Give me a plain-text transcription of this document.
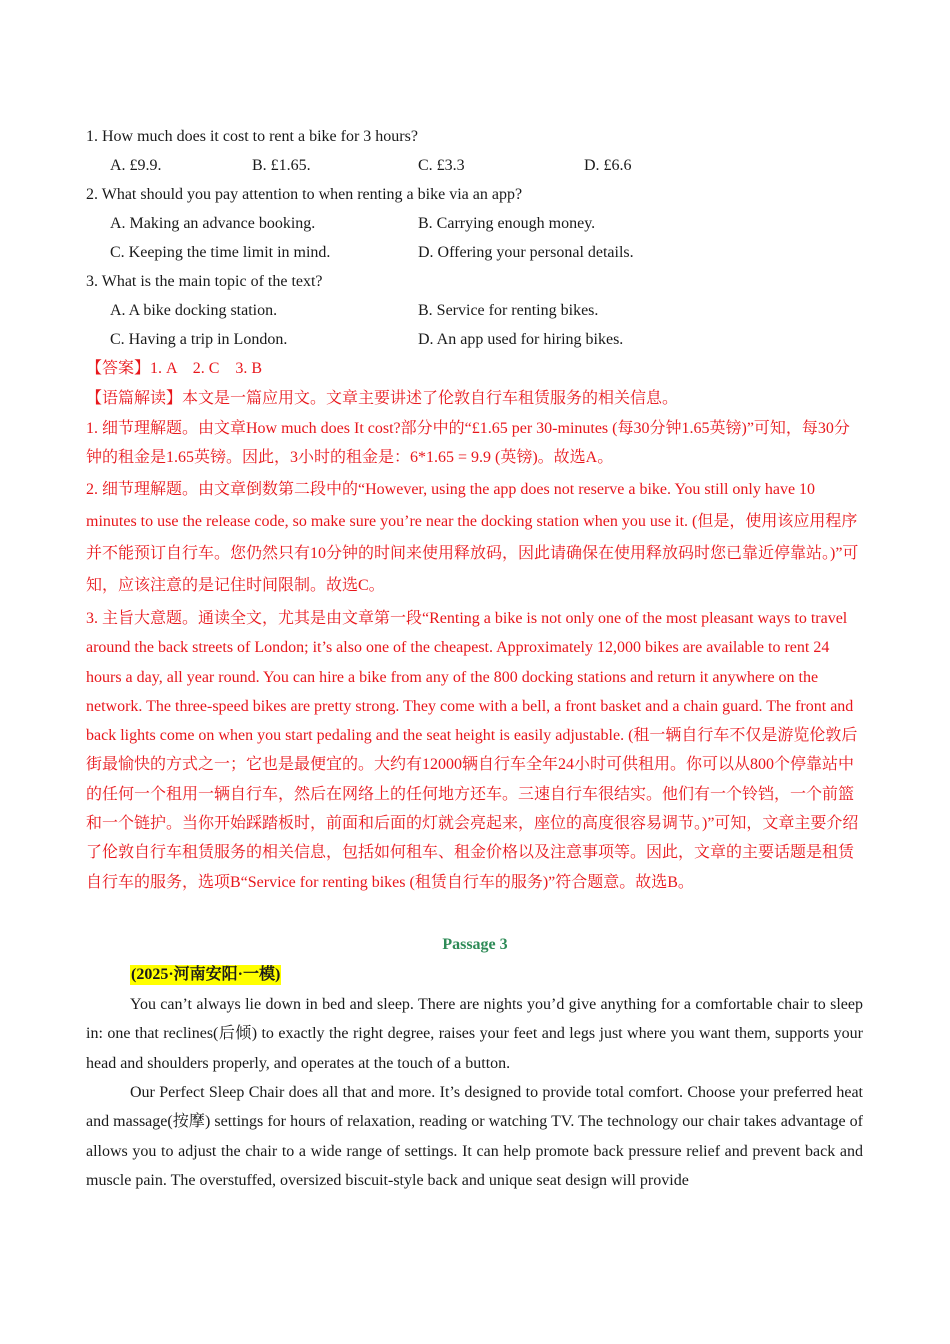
1. How much does it cost to rent a bike for 3 hours?
A. £9.9.	B. £1.65.	C. £3.3	D. £6.6
2. What should you pay attention to when renting a bike via an app?
A. Making an advance booking.	B. Carrying enough money.
C. Keeping the time limit in mind.	D. Offering your personal details.
3. What is the main topic of the text?
A. A bike docking station.	B. Service for renting bikes.
C. Having a trip in London.	D. An app used for hiring bikes.
【答案】1. A    2. C    3. B
【语篇解读】本文是一篇应用文。文章主要讲述了伦敦自行车租赁服务的相关信息。
1. 细节理解题。由文章How much does It cost?部分中的“£1.65 per 30-minutes (每30分钟1.65英镑)”可知，每30分钟的租金是1.65英镑。因此，3小时的租金是：6*1.65 = 9.9 (英镑)。故选A。
2. 细节理解题。由文章倒数第二段中的“However, using the app does not reserve a bike. You still only have 10 minutes to use the release code, so make sure you’re near the docking station when you use it. (但是，使用该应用程序并不能预订自行车。您仍然只有10分钟的时间来使用释放码，因此请确保在使用释放码时您已靠近停靠站。)”可知，应该注意的是记住时间限制。故选C。
3. 主旨大意题。通读全文，尤其是由文章第一段“Renting a bike is not only one of the most pleasant ways to travel around the back streets of London; it’s also one of the cheapest. Approximately 12,000 bikes are available to rent 24 hours a day, all year round. You can hire a bike from any of the 800 docking stations and return it anywhere on the network. The three-speed bikes are pretty strong. They come with a bell, a front basket and a chain guard. The front and back lights come on when you start pedaling and the seat height is easily adjustable. (租一辆自行车不仅是游览伦敦后街最愉快的方式之一；它也是最便宜的。大约有12000辆自行车全年24小时可供租用。你可以从800个停靠站中的任何一个租用一辆自行车，然后在网络上的任何地方还车。三速自行车很结实。他们有一个铃铛，一个前篮和一个链护。当你开始踩踏板时，前面和后面的灯就会亮起来，座位的高度很容易调节。)”可知，文章主要介绍了伦敦自行车租赁服务的相关信息，包括如何租车、租金价格以及注意事项等。因此，文章的主要话题是租赁自行车的服务，选项B“Service for renting bikes (租赁自行车的服务)”符合题意。故选B。
Passage 3
(2025·河南安阳·一模)
You can’t always lie down in bed and sleep. There are nights you’d give anything for a comfortable chair to sleep in: one that reclines(后倾) to exactly the right degree, raises your feet and legs just where you want them, supports your head and shoulders properly, and operates at the touch of a button.
Our Perfect Sleep Chair does all that and more. It’s designed to provide total comfort. Choose your preferred heat and massage(按摩) settings for hours of relaxation, reading or watching TV. The technology our chair takes advantage of allows you to adjust the chair to a wide range of settings. It can help promote back pressure relief and prevent back and muscle pain. The overstuffed, oversized biscuit-style back and unique seat design will provide
